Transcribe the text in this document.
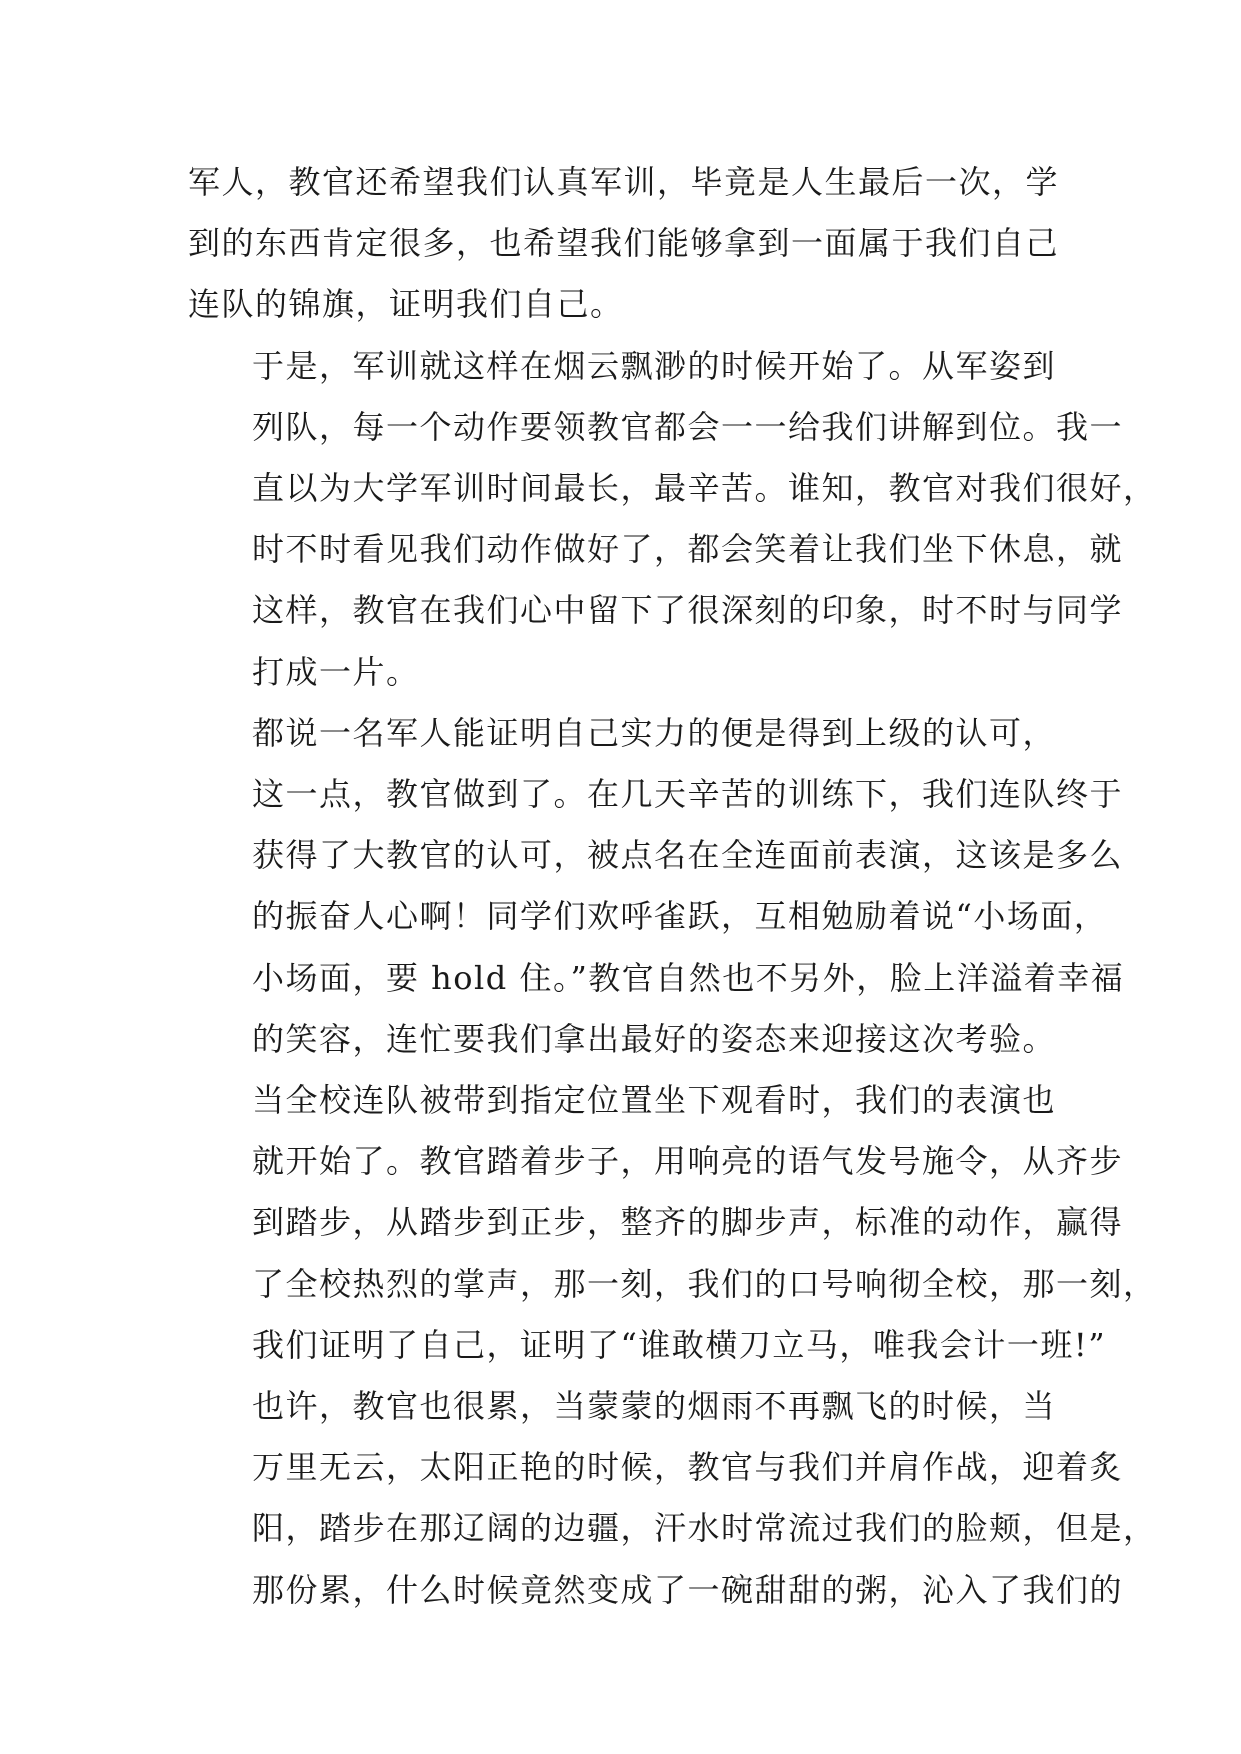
军人，教官还希望我们认真军训，毕竟是人生最后一次，学
到的东西肯定很多，也希望我们能够拿到一面属于我们自己
连队的锦旗，证明我们自己。

于是，军训就这样在烟云飘渺的时候开始了。从军姿到
列队，每一个动作要领教官都会一一给我们讲解到位。我一
直以为大学军训时间最长，最辛苦。谁知，教官对我们很好，
时不时看见我们动作做好了，都会笑着让我们坐下休息，就
这样，教官在我们心中留下了很深刻的印象，时不时与同学
打成一片。

都说一名军人能证明自己实力的便是得到上级的认可，
这一点，教官做到了。在几天辛苦的训练下，我们连队终于
获得了大教官的认可，被点名在全连面前表演，这该是多么
的振奋人心啊！同学们欢呼雀跃，互相勉励着说“小场面，
小场面，要 hold 住。”教官自然也不另外，脸上洋溢着幸福
的笑容，连忙要我们拿出最好的姿态来迎接这次考验。

当全校连队被带到指定位置坐下观看时，我们的表演也
就开始了。教官踏着步子，用响亮的语气发号施令，从齐步
到踏步，从踏步到正步，整齐的脚步声，标准的动作，赢得
了全校热烈的掌声，那一刻，我们的口号响彻全校，那一刻，
我们证明了自己，证明了“谁敢横刀立马，唯我会计一班!”

也许，教官也很累，当蒙蒙的烟雨不再飘飞的时候，当
万里无云，太阳正艳的时候，教官与我们并肩作战，迎着炙
阳，踏步在那辽阔的边疆，汗水时常流过我们的脸颊，但是，
那份累，什么时候竟然变成了一碗甜甜的粥，沁入了我们的
